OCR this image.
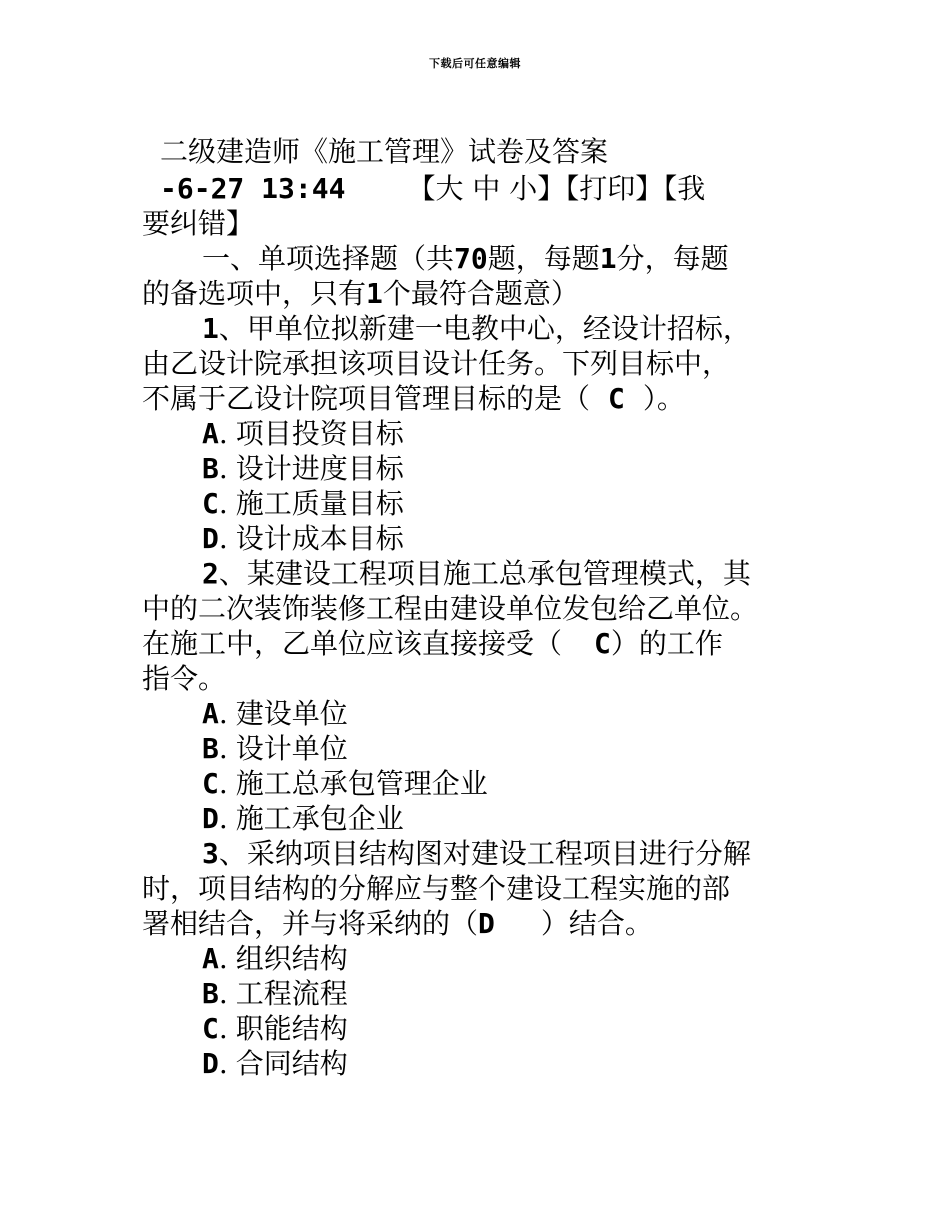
下载后可任意编辑
二级建造师《施工管理》试卷及答案
-6-27 13:44 【大 中 小】【打印】【我
要纠错】
一、单项选择题（共70题，每题1分，每题
的备选项中，只有1个最符合题意）
1、甲单位拟新建一电教中心，经设计招标，
由乙设计院承担该项目设计任务。下列目标中，
不属于乙设计院项目管理目标的是（ C ）。
A. 项目投资目标
B. 设计进度目标
C. 施工质量目标
D. 设计成本目标
2、某建设工程项目施工总承包管理模式，其
中的二次装饰装修工程由建设单位发包给乙单位。
在施工中，乙单位应该直接接受（ C）的工作
指令。
A. 建设单位
B. 设计单位
C. 施工总承包管理企业
D. 施工承包企业
3、采纳项目结构图对建设工程项目进行分解
时，项目结构的分解应与整个建设工程实施的部
署相结合，并与将采纳的（D ）结合。
A. 组织结构
B. 工程流程
C. 职能结构
D. 合同结构
